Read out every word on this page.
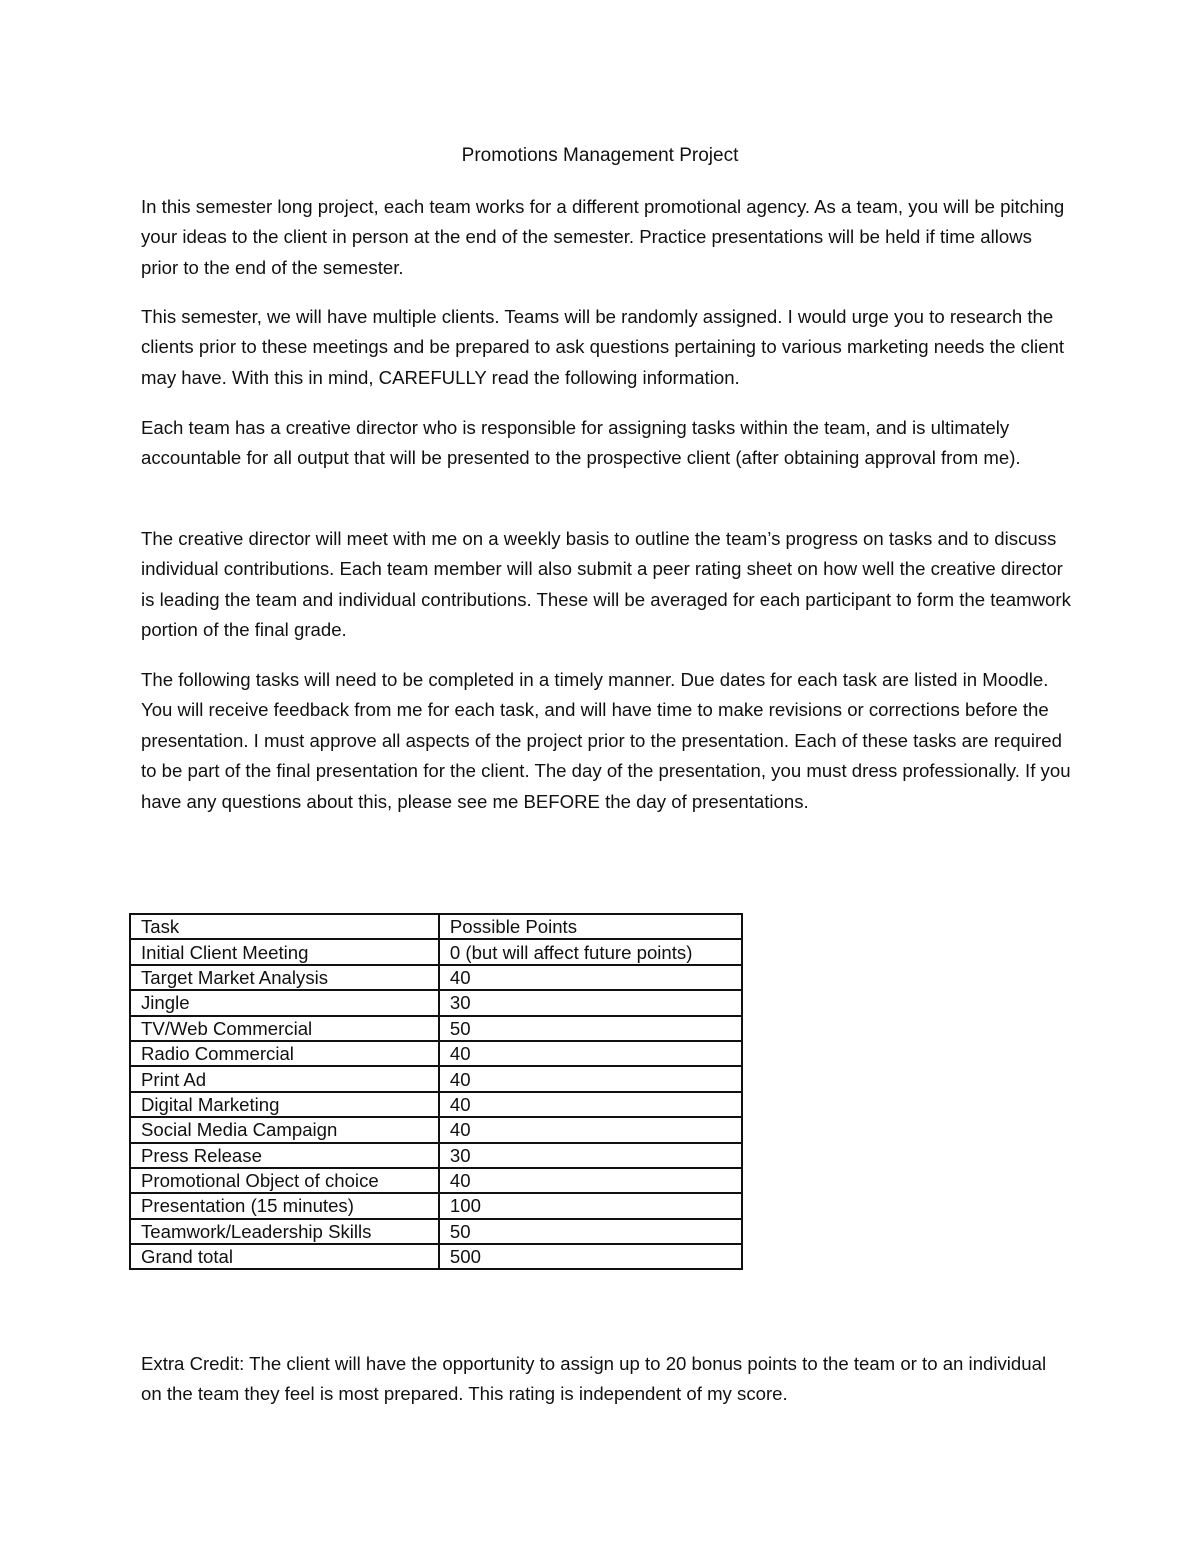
Promotions Management Project

In this semester long project, each team works for a different promotional agency. As a team, you will be pitching your ideas to the client in person at the end of the semester. Practice presentations will be held if time allows prior to the end of the semester.

This semester, we will have multiple clients. Teams will be randomly assigned. I would urge you to research the clients prior to these meetings and be prepared to ask questions pertaining to various marketing needs the client may have. With this in mind, CAREFULLY read the following information.

Each team has a creative director who is responsible for assigning tasks within the team, and is ultimately accountable for all output that will be presented to the prospective client (after obtaining approval from me).

The creative director will meet with me on a weekly basis to outline the team’s progress on tasks and to discuss individual contributions. Each team member will also submit a peer rating sheet on how well the creative director is leading the team and individual contributions. These will be averaged for each participant to form the teamwork portion of the final grade.

The following tasks will need to be completed in a timely manner. Due dates for each task are listed in Moodle. You will receive feedback from me for each task, and will have time to make revisions or corrections before the presentation. I must approve all aspects of the project prior to the presentation. Each of these tasks are required to be part of the final presentation for the client. The day of the presentation, you must dress professionally. If you have any questions about this, please see me BEFORE the day of presentations.

Task	Possible Points
Initial Client Meeting	0 (but will affect future points)
Target Market Analysis	40
Jingle	30
TV/Web Commercial	50
Radio Commercial	40
Print Ad	40
Digital Marketing	40
Social Media Campaign	40
Press Release	30
Promotional Object of choice	40
Presentation (15 minutes)	100
Teamwork/Leadership Skills	50
Grand total	500

Extra Credit: The client will have the opportunity to assign up to 20 bonus points to the team or to an individual on the team they feel is most prepared. This rating is independent of my score.
